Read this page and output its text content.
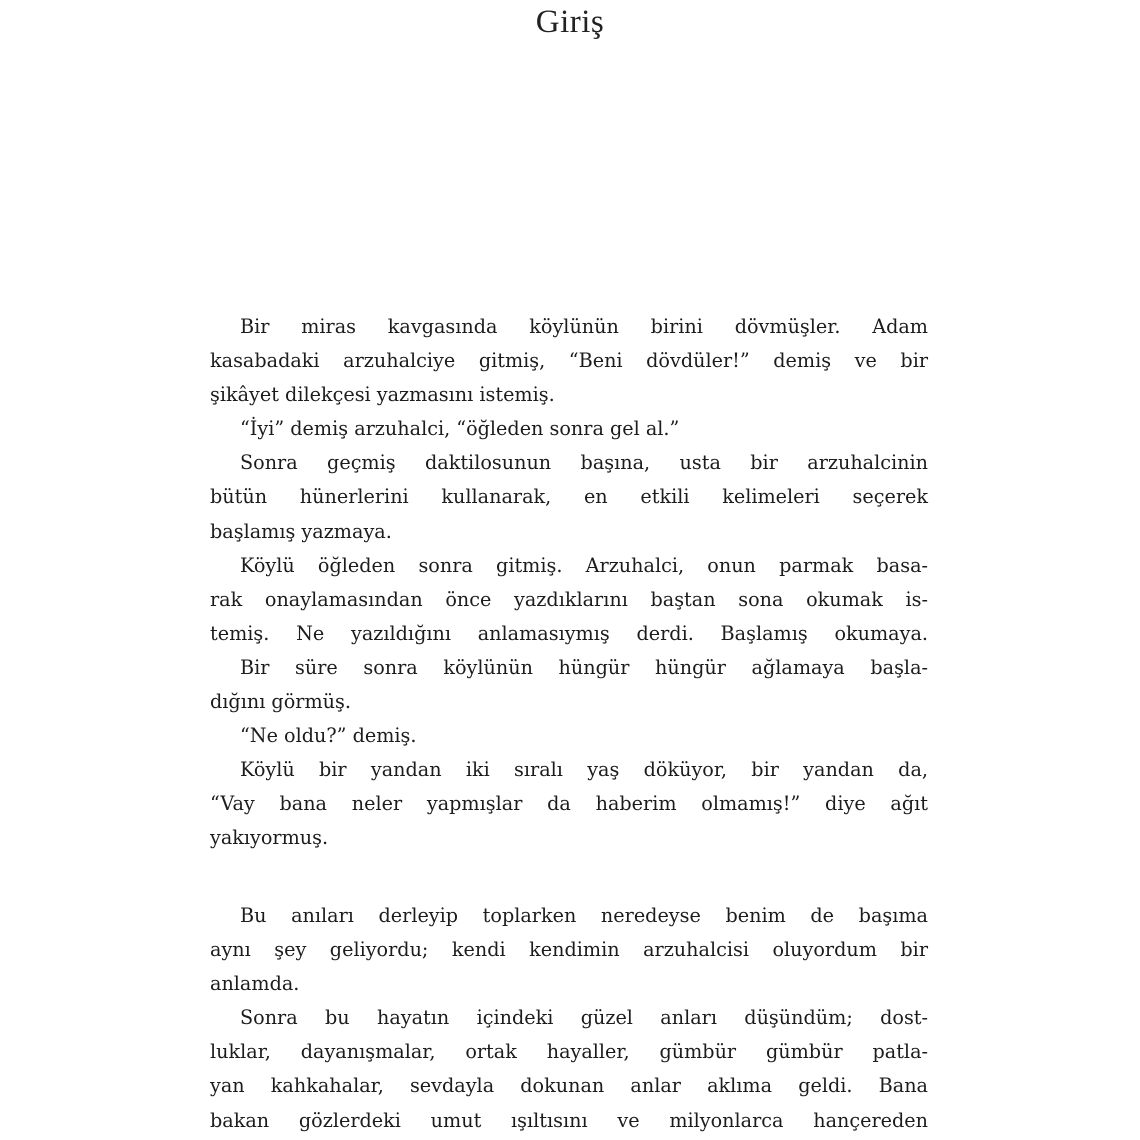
Giriş
Bir miras kavgasında köylünün birini dövmüşler. Adam
kasabadaki arzuhalciye gitmiş, “Beni dövdüler!” demiş ve bir
şikâyet dilekçesi yazmasını istemiş.
“İyi” demiş arzuhalci, “öğleden sonra gel al.”
Sonra geçmiş daktilosunun başına, usta bir arzuhalcinin
bütün hünerlerini kullanarak, en etkili kelimeleri seçerek
başlamış yazmaya.
Köylü öğleden sonra gitmiş. Arzuhalci, onun parmak basa-
rak onaylamasından önce yazdıklarını baştan sona okumak is-
temiş. Ne yazıldığını anlamasıymış derdi. Başlamış okumaya.
Bir süre sonra köylünün hüngür hüngür ağlamaya başla-
dığını görmüş.
“Ne oldu?” demiş.
Köylü bir yandan iki sıralı yaş döküyor, bir yandan da,
“Vay bana neler yapmışlar da haberim olmamış!” diye ağıt
yakıyormuş.
Bu anıları derleyip toplarken neredeyse benim de başıma
aynı şey geliyordu; kendi kendimin arzuhalcisi oluyordum bir
anlamda.
Sonra bu hayatın içindeki güzel anları düşündüm; dost-
luklar, dayanışmalar, ortak hayaller, gümbür gümbür patla-
yan kahkahalar, sevdayla dokunan anlar aklıma geldi. Bana
bakan gözlerdeki umut ışıltısını ve milyonlarca hançereden
